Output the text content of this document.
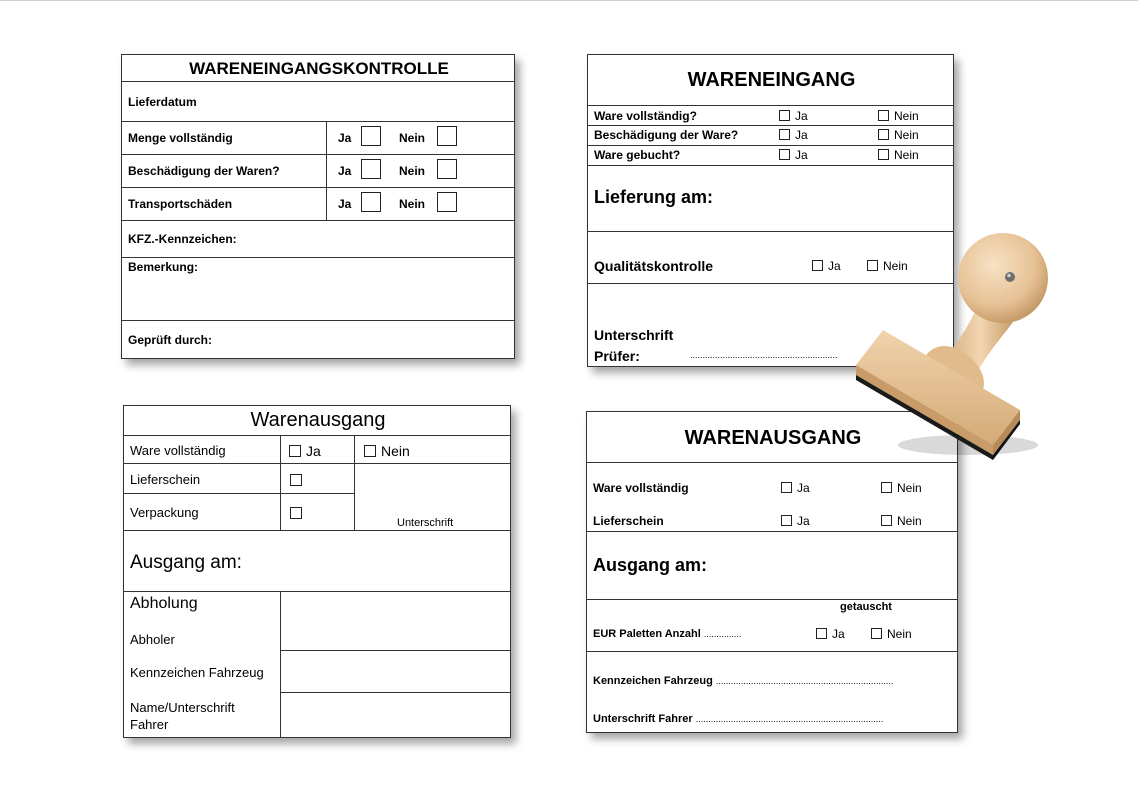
WARENEINGANGSKONTROLLE
Lieferdatum
Menge vollständig	Ja	Nein
Beschädigung der Waren?	Ja	Nein
Transportschäden	Ja	Nein
KFZ.-Kennzeichen:
Bemerkung:
Geprüft durch:
WARENEINGANG
Ware vollständig?	Ja	Nein
Beschädigung der Ware?	Ja	Nein
Ware gebucht?	Ja	Nein
Lieferung am:
Qualitätskontrolle	Ja	Nein
Unterschrift
Prüfer:	...........................................................
Warenausgang
Ware vollständig	Ja	Nein
Lieferschein
Verpackung
Unterschrift
Ausgang am:
Abholung
Abholer
Kennzeichen Fahrzeug
Name/Unterschrift
Fahrer
WARENAUSGANG
Ware vollständig	Ja	Nein
Lieferschein	Ja	Nein
Ausgang am:
getauscht
EUR Paletten Anzahl ...............	Ja	Nein
Kennzeichen Fahrzeug .......................................................................
Unterschrift Fahrer ...........................................................................
